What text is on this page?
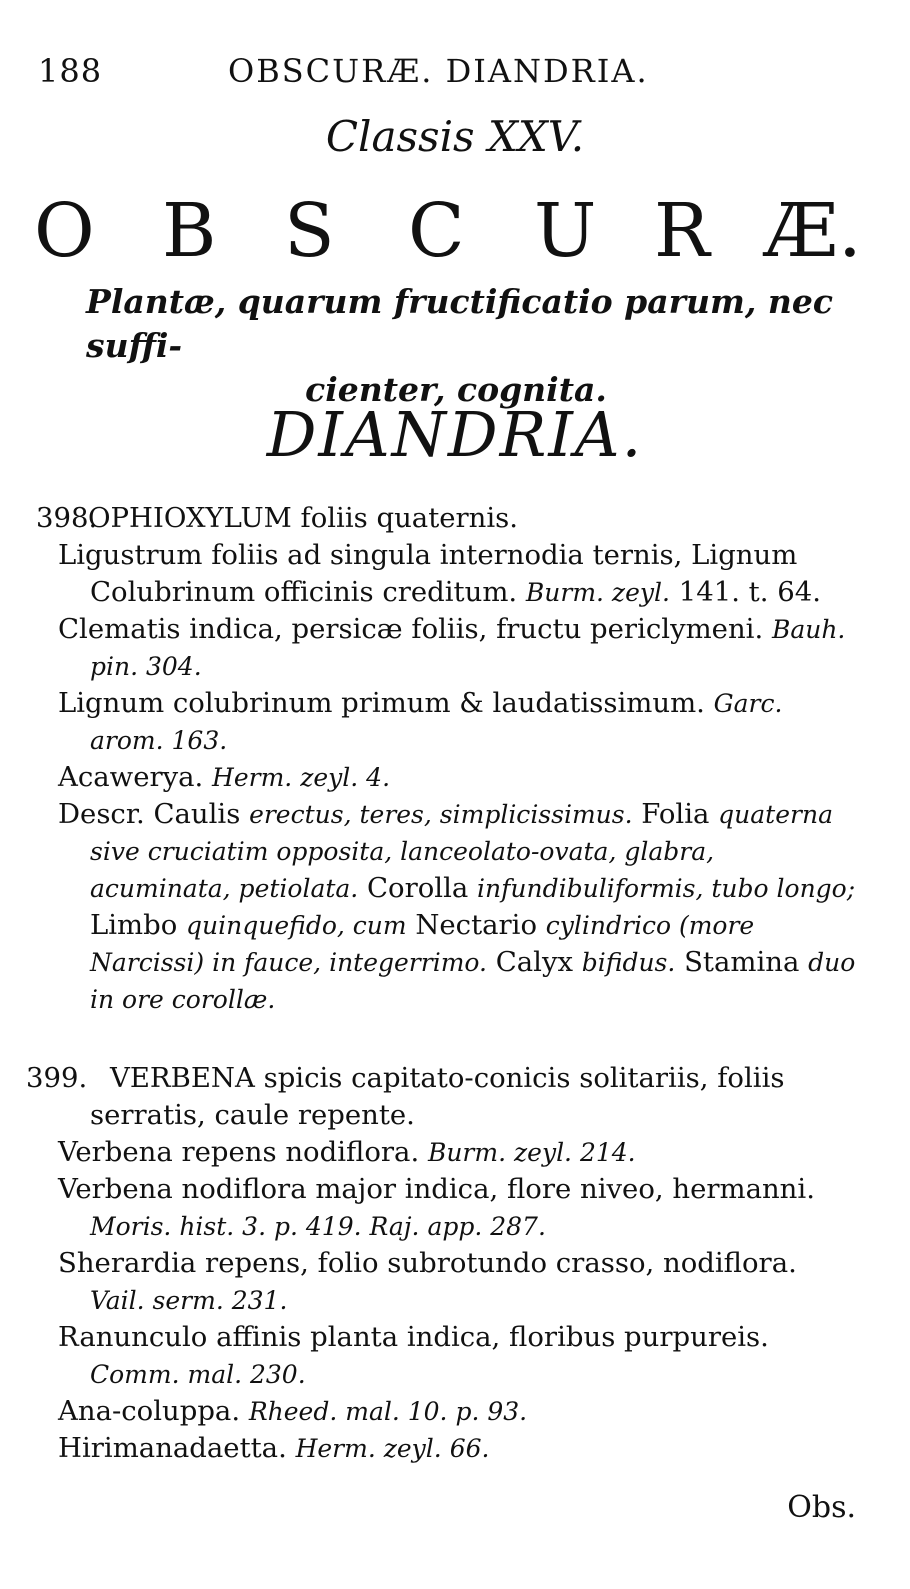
188	OBSCURÆ. DIANDRIA.
Classis XXV.
O B S C U R Æ.
Plantæ, quarum fructificatio parum, nec suffi-
cienter, cognita.
DIANDRIA.

398.OPHIOXYLUM foliis quaternis.

Ligustrum foliis ad singula internodia ternis, Lignum Colubrinum officinis creditum. Burm. zeyl. 141. t. 64.

Clematis indica, persicæ foliis, fructu periclymeni. Bauh. pin. 304.

Lignum colubrinum primum & laudatissimum. Garc. arom. 163.

Acawerya. Herm. zeyl. 4.

Descr. Caulis erectus, teres, simplicissimus. Folia quaterna sive cruciatim opposita, lanceolato-ovata, glabra, acuminata, petiolata. Corolla infundibuliformis, tubo longo; Limbo quinquefido, cum Nectario cylindrico (more Narcissi) in fauce, integerrimo. Calyx bifidus. Stamina duo in ore corollæ.

399. VERBENA spicis capitato-conicis solitariis, foliis serratis, caule repente.

Verbena repens nodiflora. Burm. zeyl. 214.

Verbena nodiflora major indica, flore niveo, hermanni. Moris. hist. 3. p. 419. Raj. app. 287.

Sherardia repens, folio subrotundo crasso, nodiflora. Vail. serm. 231.

Ranunculo affinis planta indica, floribus purpureis. Comm. mal. 230.

Ana-coluppa. Rheed. mal. 10. p. 93.

Hirimanadaetta. Herm. zeyl. 66.

Obs.
